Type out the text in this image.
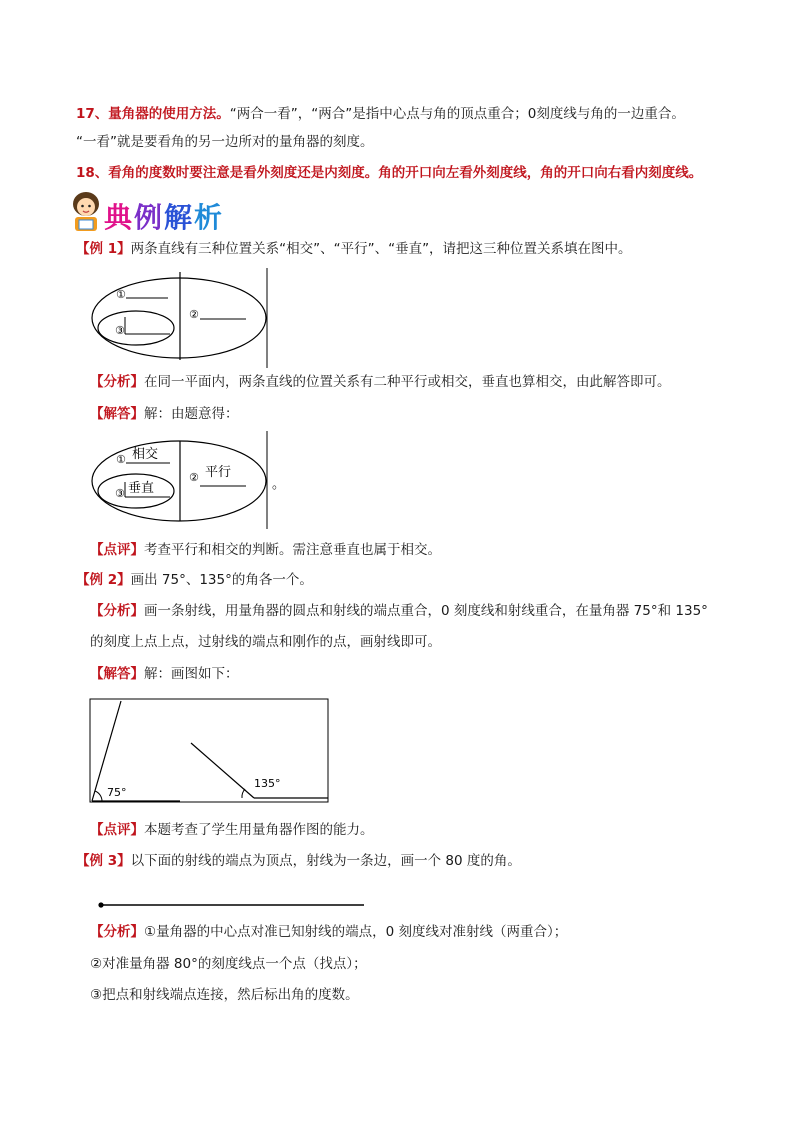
17、量角器的使用方法。“两合一看”，“两合”是指中心点与角的顶点重合；0刻度线与角的一边重合。
“一看”就是要看角的另一边所对的量角器的刻度。
18、看角的度数时要注意是看外刻度还是内刻度。角的开口向左看外刻度线，角的开口向右看内刻度线。
典例解析
【例 1】两条直线有三种位置关系“相交”、“平行”、“垂直”，请把这三种位置关系填在图中。
①
②
③
【分析】在同一平面内，两条直线的位置关系有二种平行或相交，垂直也算相交，由此解答即可。
【解答】解：由题意得：
① 相交
② 平行
③ 垂直	。
【点评】考查平行和相交的判断。需注意垂直也属于相交。
【例 2】画出 75°、135°的角各一个。
【分析】画一条射线，用量角器的圆点和射线的端点重合，0 刻度线和射线重合，在量角器 75°和 135°
的刻度上点上点，过射线的端点和刚作的点，画射线即可。
【解答】解：画图如下：
75°
135°
【点评】本题考查了学生用量角器作图的能力。
【例 3】以下面的射线的端点为顶点，射线为一条边，画一个 80 度的角。
【分析】①量角器的中心点对准已知射线的端点，0 刻度线对准射线（两重合）；
②对准量角器 80°的刻度线点一个点（找点）；
③把点和射线端点连接，然后标出角的度数。
